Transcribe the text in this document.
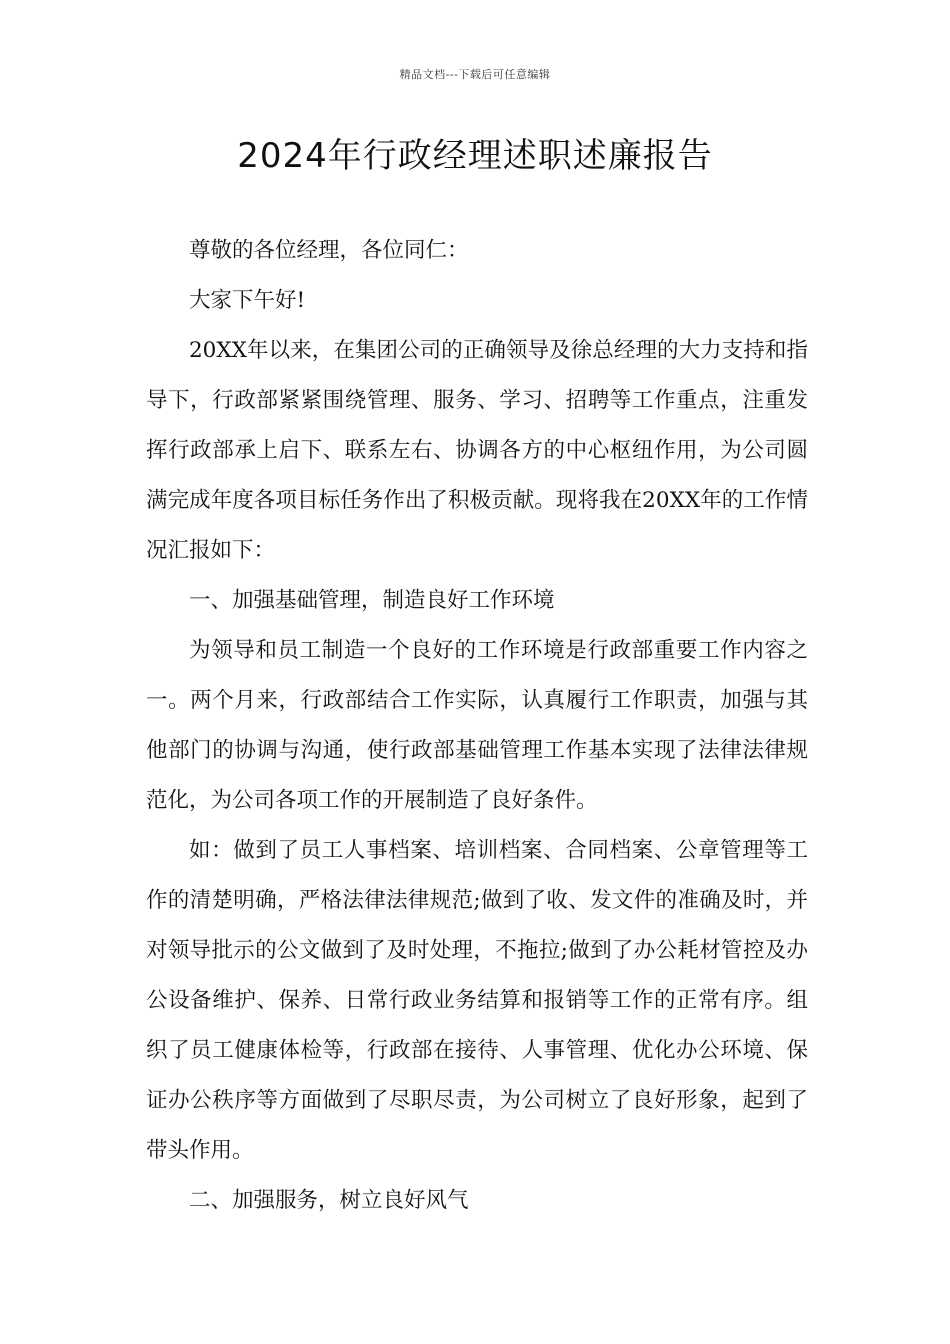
精品文档---下载后可任意编辑
2024年行政经理述职述廉报告

尊敬的各位经理，各位同仁：

大家下午好!

20XX年以来，在集团公司的正确领导及徐总经理的大力支持和指导下，行政部紧紧围绕管理、服务、学习、招聘等工作重点，注重发挥行政部承上启下、联系左右、协调各方的中心枢纽作用，为公司圆满完成年度各项目标任务作出了积极贡献。现将我在20XX年的工作情况汇报如下：

一、加强基础管理，制造良好工作环境

为领导和员工制造一个良好的工作环境是行政部重要工作内容之一。两个月来，行政部结合工作实际，认真履行工作职责，加强与其他部门的协调与沟通，使行政部基础管理工作基本实现了法律法律规范化，为公司各项工作的开展制造了良好条件。

如：做到了员工人事档案、培训档案、合同档案、公章管理等工作的清楚明确，严格法律法律规范;做到了收、发文件的准确及时，并对领导批示的公文做到了及时处理，不拖拉;做到了办公耗材管控及办公设备维护、保养、日常行政业务结算和报销等工作的正常有序。组织了员工健康体检等，行政部在接待、人事管理、优化办公环境、保证办公秩序等方面做到了尽职尽责，为公司树立了良好形象，起到了带头作用。

二、加强服务，树立良好风气
